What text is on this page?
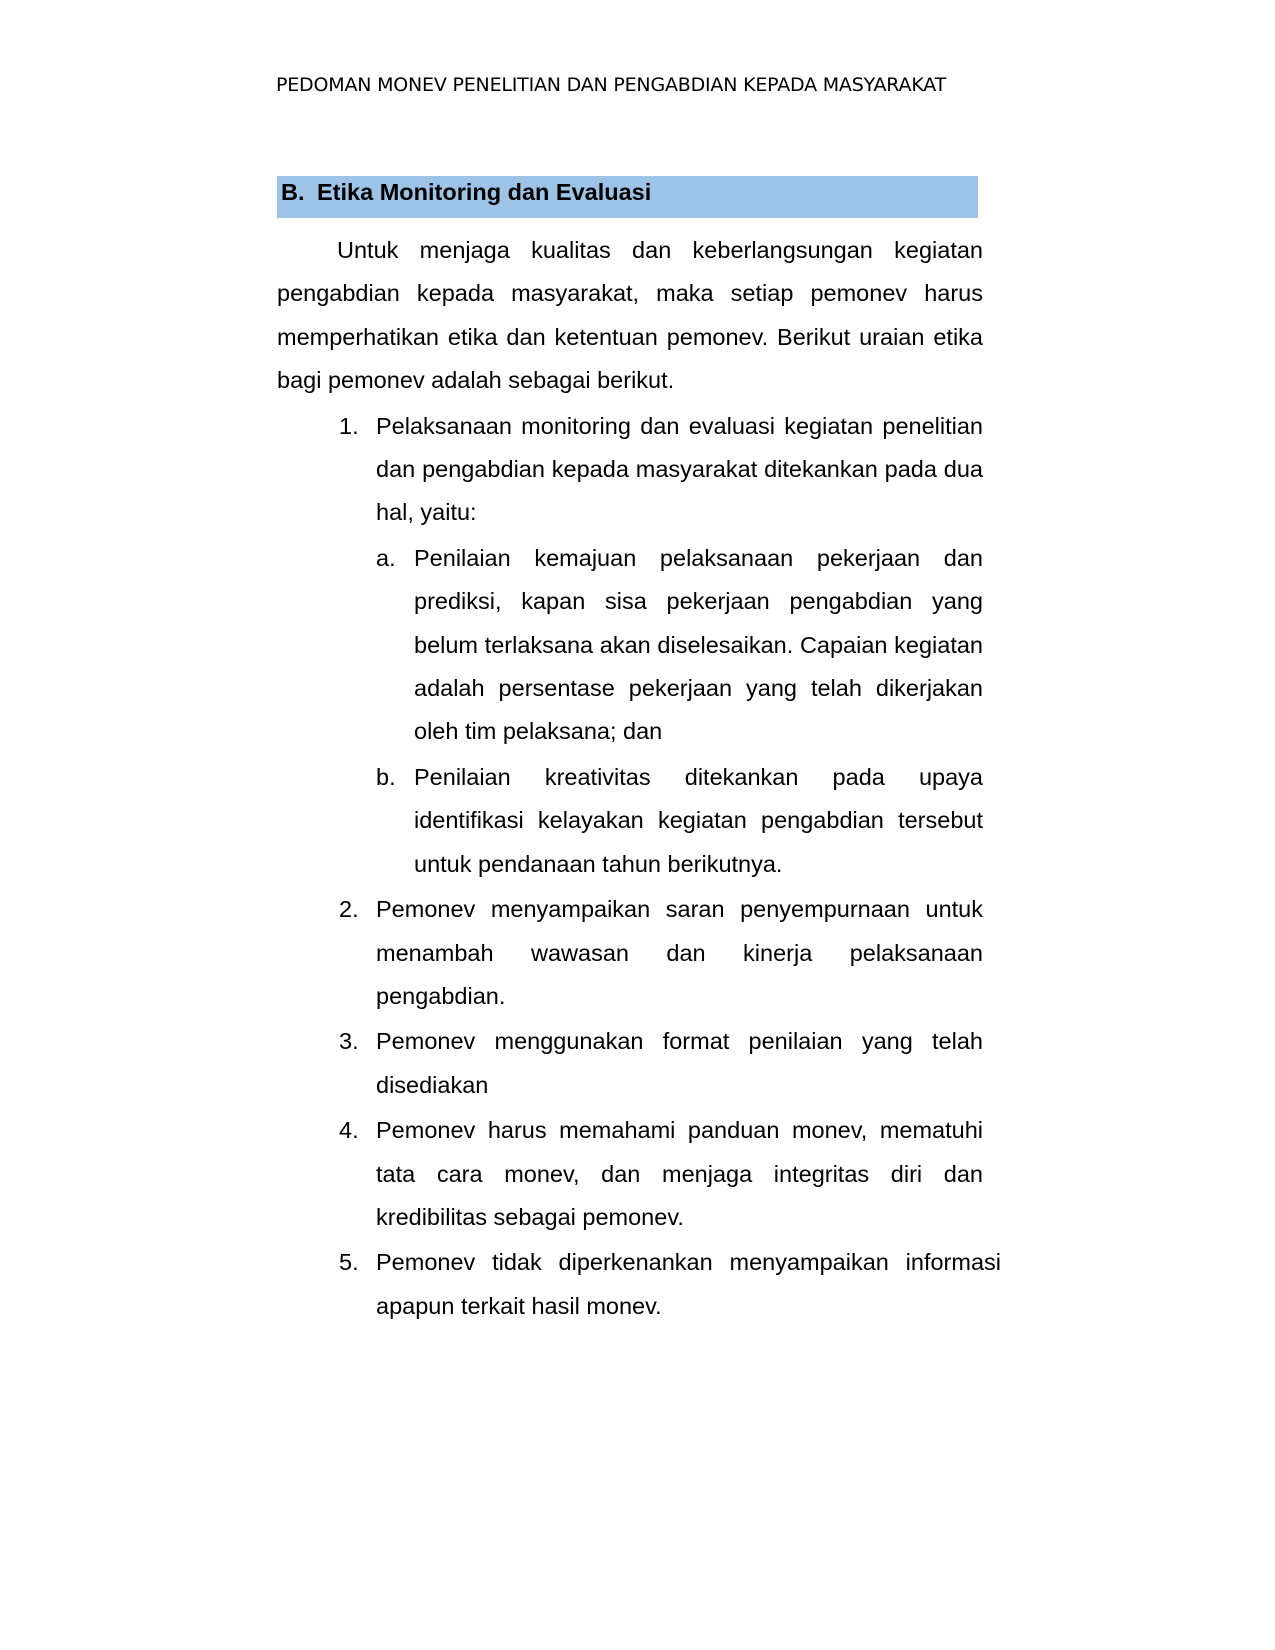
PEDOMAN MONEV PENELITIAN DAN PENGABDIAN KEPADA MASYARAKAT
B. Etika Monitoring dan Evaluasi

Untuk menjaga kualitas dan keberlangsungan kegiatan pengabdian kepada masyarakat, maka setiap pemonev harus memperhatikan etika dan ketentuan pemonev. Berikut uraian etika bagi pemonev adalah sebagai berikut.

1. Pelaksanaan monitoring dan evaluasi kegiatan penelitian dan pengabdian kepada masyarakat ditekankan pada dua hal, yaitu:
a. Penilaian kemajuan pelaksanaan pekerjaan dan prediksi, kapan sisa pekerjaan pengabdian yang belum terlaksana akan diselesaikan. Capaian kegiatan adalah persentase pekerjaan yang telah dikerjakan oleh tim pelaksana; dan
b. Penilaian kreativitas ditekankan pada upaya identifikasi kelayakan kegiatan pengabdian tersebut untuk pendanaan tahun berikutnya.
2. Pemonev menyampaikan saran penyempurnaan untuk menambah wawasan dan kinerja pelaksanaan pengabdian.
3. Pemonev menggunakan format penilaian yang telah disediakan
4. Pemonev harus memahami panduan monev, mematuhi tata cara monev, dan menjaga integritas diri dan kredibilitas sebagai pemonev.
5. Pemonev tidak diperkenankan menyampaikan informasi apapun terkait hasil monev.
